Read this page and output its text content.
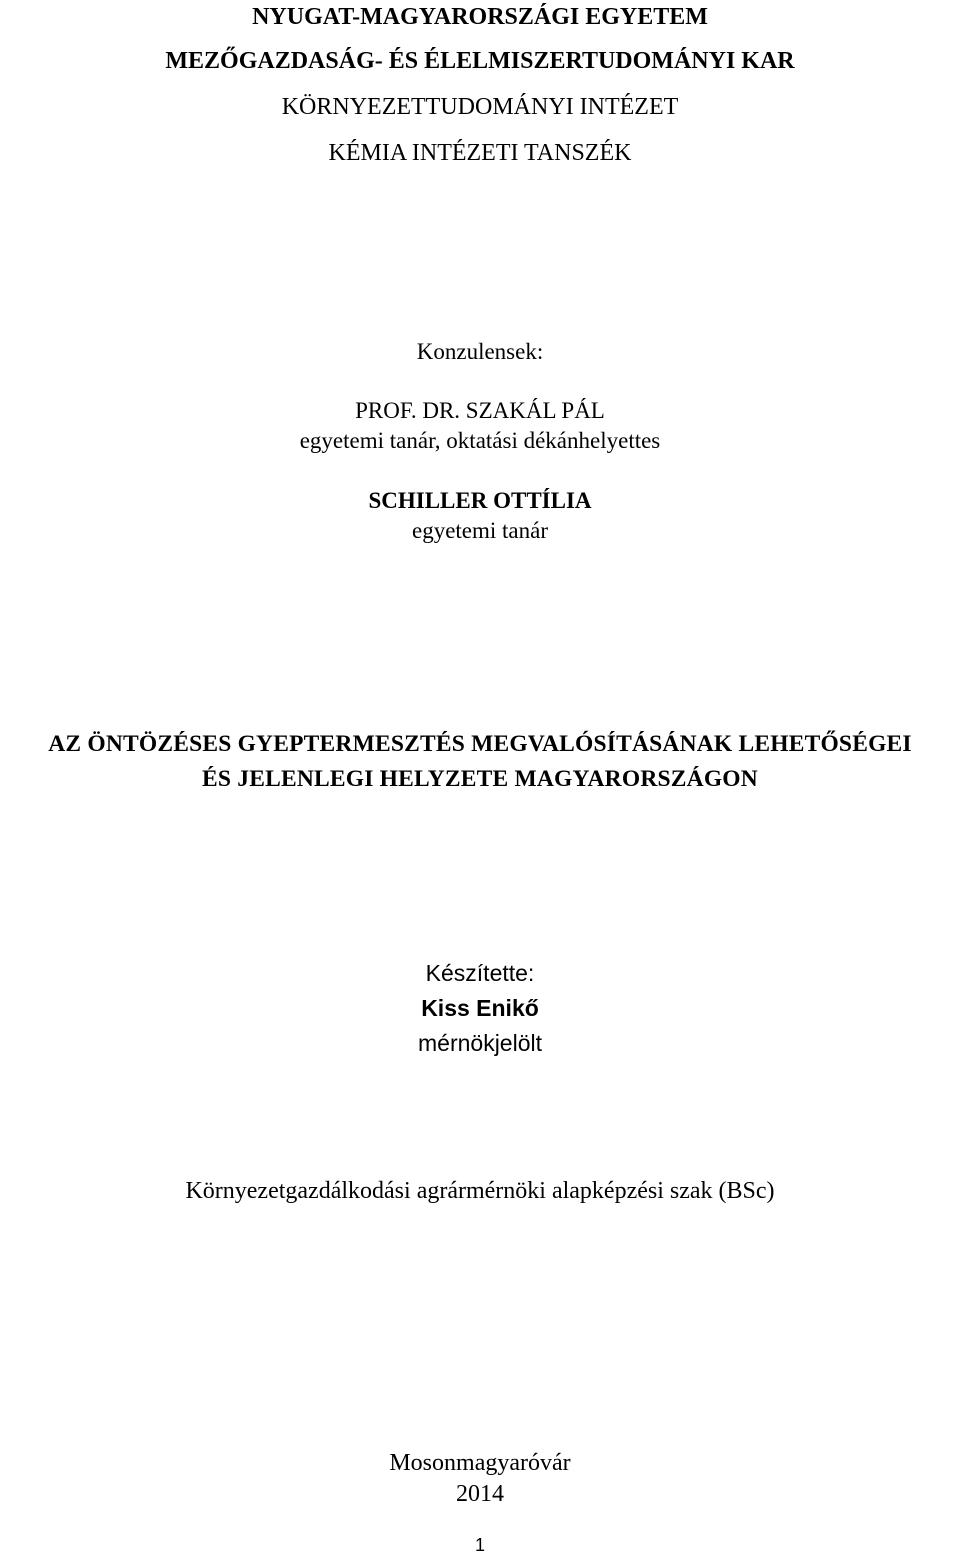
NYUGAT-MAGYARORSZÁGI EGYETEM
MEZŐGAZDASÁG- ÉS ÉLELMISZERTUDOMÁNYI KAR
KÖRNYEZETTUDOMÁNYI INTÉZET
KÉMIA INTÉZETI TANSZÉK
Konzulensek:
PROF. DR. SZAKÁL PÁL
egyetemi tanár, oktatási dékánhelyettes
SCHILLER OTTÍLIA
egyetemi tanár
AZ ÖNTÖZÉSES GYEPTERMESZTÉS MEGVALÓSÍTÁSÁNAK LEHETŐSÉGEI
ÉS JELENLEGI HELYZETE MAGYARORSZÁGON
Készítette:
Kiss Enikő
mérnökjelölt
Környezetgazdálkodási agrármérnöki alapképzési szak (BSc)
Mosonmagyaróvár
2014
1
